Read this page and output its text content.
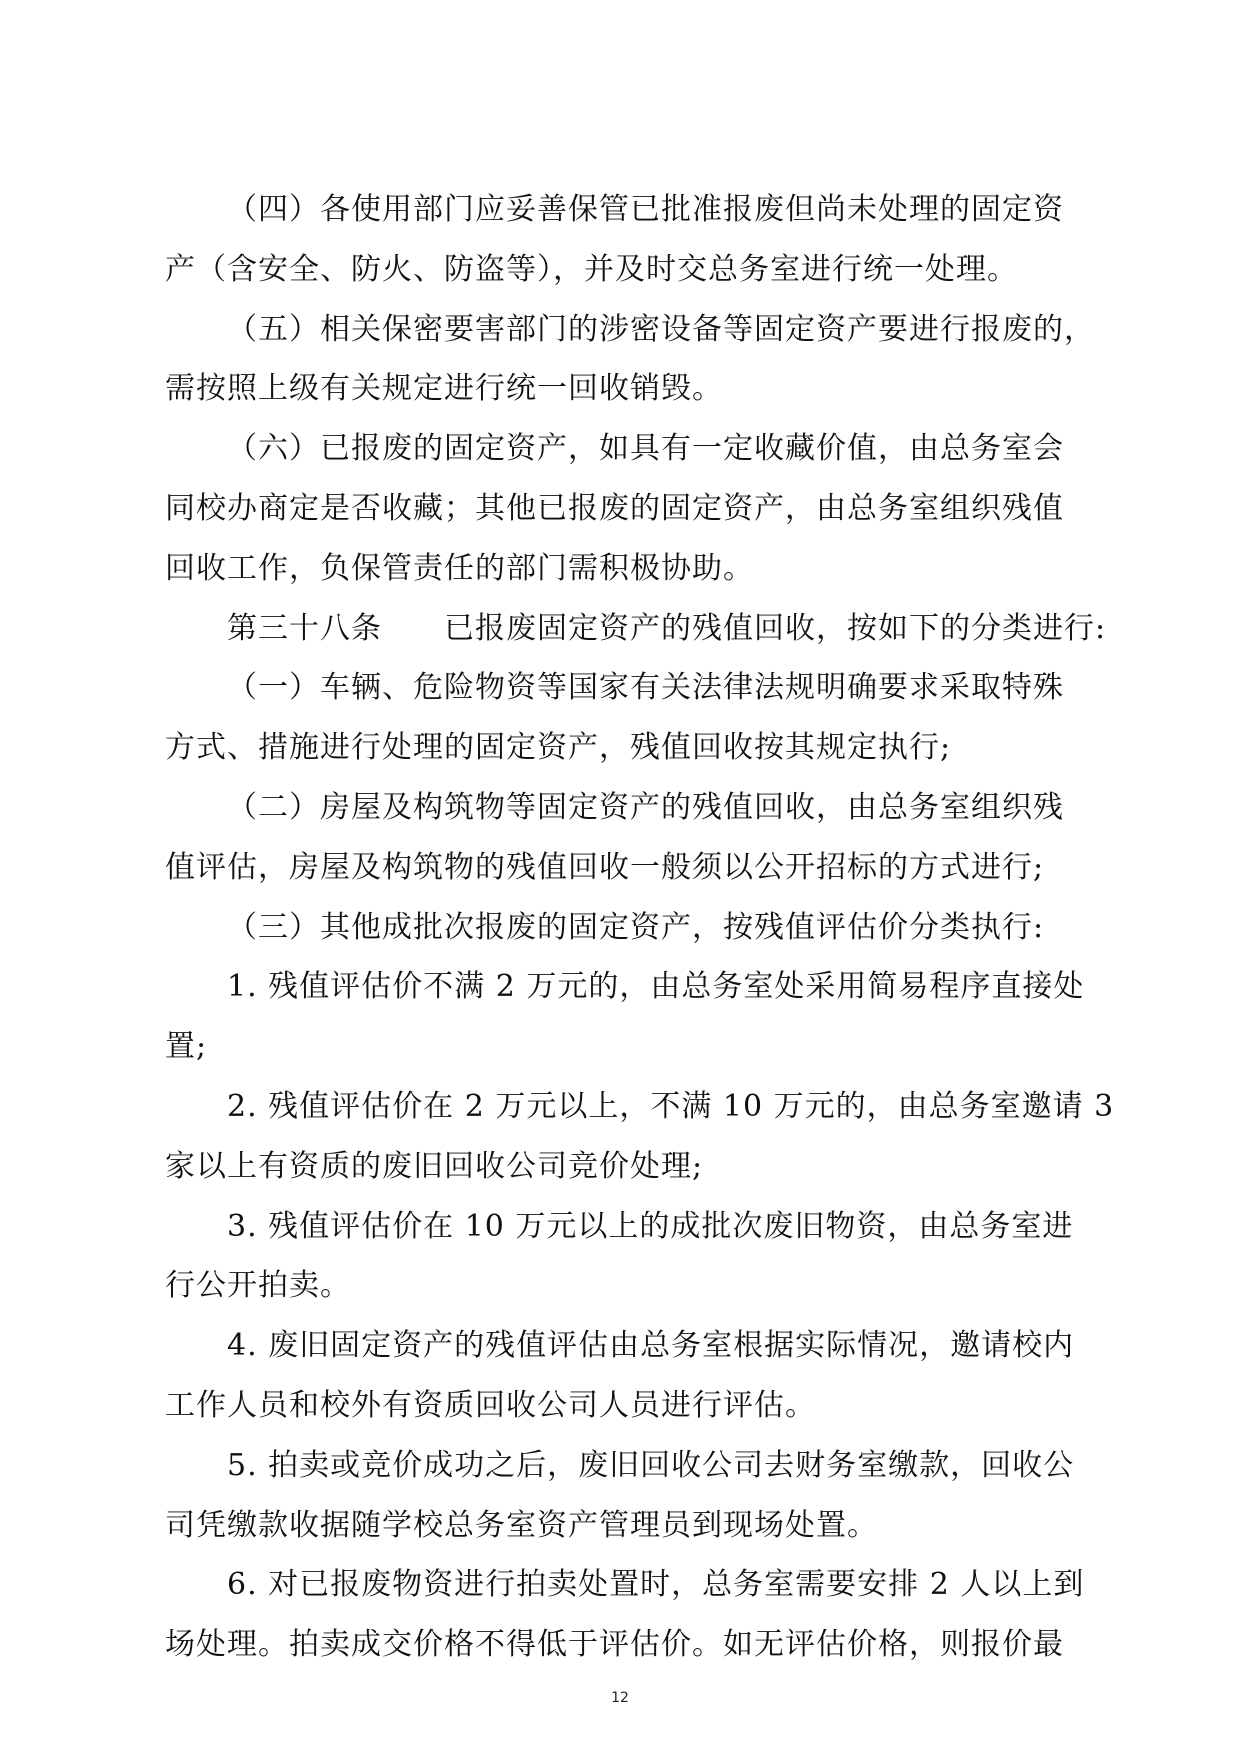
（四）各使用部门应妥善保管已批准报废但尚未处理的固定资
产（含安全、防火、防盗等），并及时交总务室进行统一处理。
（五）相关保密要害部门的涉密设备等固定资产要进行报废的，
需按照上级有关规定进行统一回收销毁。
（六）已报废的固定资产，如具有一定收藏价值，由总务室会
同校办商定是否收藏；其他已报废的固定资产，由总务室组织残值
回收工作，负保管责任的部门需积极协助。
第三十八条　　已报废固定资产的残值回收，按如下的分类进行:
（一）车辆、危险物资等国家有关法律法规明确要求采取特殊
方式、措施进行处理的固定资产，残值回收按其规定执行;
（二）房屋及构筑物等固定资产的残值回收，由总务室组织残
值评估，房屋及构筑物的残值回收一般须以公开招标的方式进行;
（三）其他成批次报废的固定资产，按残值评估价分类执行:
1. 残值评估价不满 2 万元的，由总务室处采用简易程序直接处
置;
2. 残值评估价在 2 万元以上，不满 10 万元的，由总务室邀请 3
家以上有资质的废旧回收公司竞价处理;
3. 残值评估价在 10 万元以上的成批次废旧物资，由总务室进
行公开拍卖。
4. 废旧固定资产的残值评估由总务室根据实际情况，邀请校内
工作人员和校外有资质回收公司人员进行评估。
5. 拍卖或竞价成功之后，废旧回收公司去财务室缴款，回收公
司凭缴款收据随学校总务室资产管理员到现场处置。
6. 对已报废物资进行拍卖处置时，总务室需要安排 2 人以上到
场处理。拍卖成交价格不得低于评估价。如无评估价格，则报价最
12
